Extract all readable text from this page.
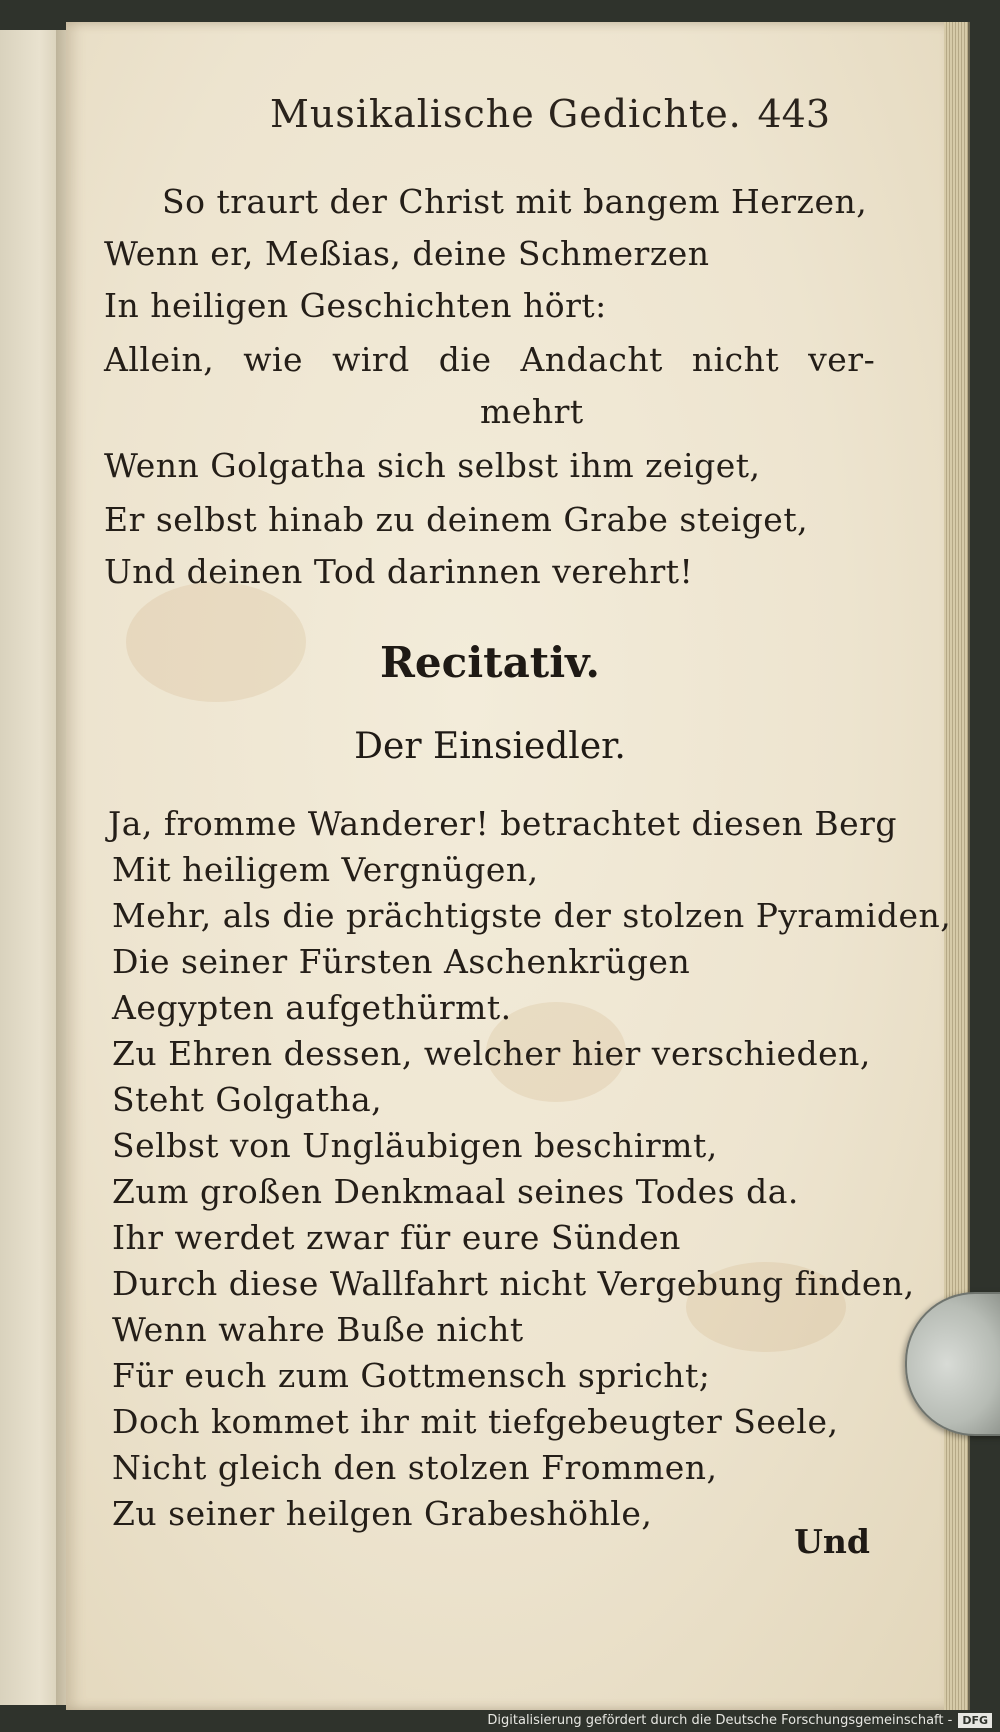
Musikalische Gedichte. 443
So traurt der Christ mit bangem Herzen,
Wenn er, Meßias, deine Schmerzen
In heiligen Geschichten hört:
Allein, wie wird die Andacht nicht ver-
mehrt
Wenn Golgatha sich selbst ihm zeiget,
Er selbst hinab zu deinem Grabe steiget,
Und deinen Tod darinnen verehrt!
Recitativ.
Der Einsiedler.
Ja, fromme Wanderer! betrachtet diesen Berg
Mit heiligem Vergnügen,
Mehr, als die prächtigste der stolzen Pyramiden,
Die seiner Fürsten Aschenkrügen
Aegypten aufgethürmt.
Zu Ehren dessen, welcher hier verschieden,
Steht Golgatha,
Selbst von Ungläubigen beschirmt,
Zum großen Denkmaal seines Todes da.
Ihr werdet zwar für eure Sünden
Durch diese Wallfahrt nicht Vergebung finden,
Wenn wahre Buße nicht
Für euch zum Gottmensch spricht;
Doch kommet ihr mit tiefgebeugter Seele,
Nicht gleich den stolzen Frommen,
Zu seiner heilgen Grabeshöhle,
Und
Digitalisierung gefördert durch die Deutsche Forschungsgemeinschaft - DFG
